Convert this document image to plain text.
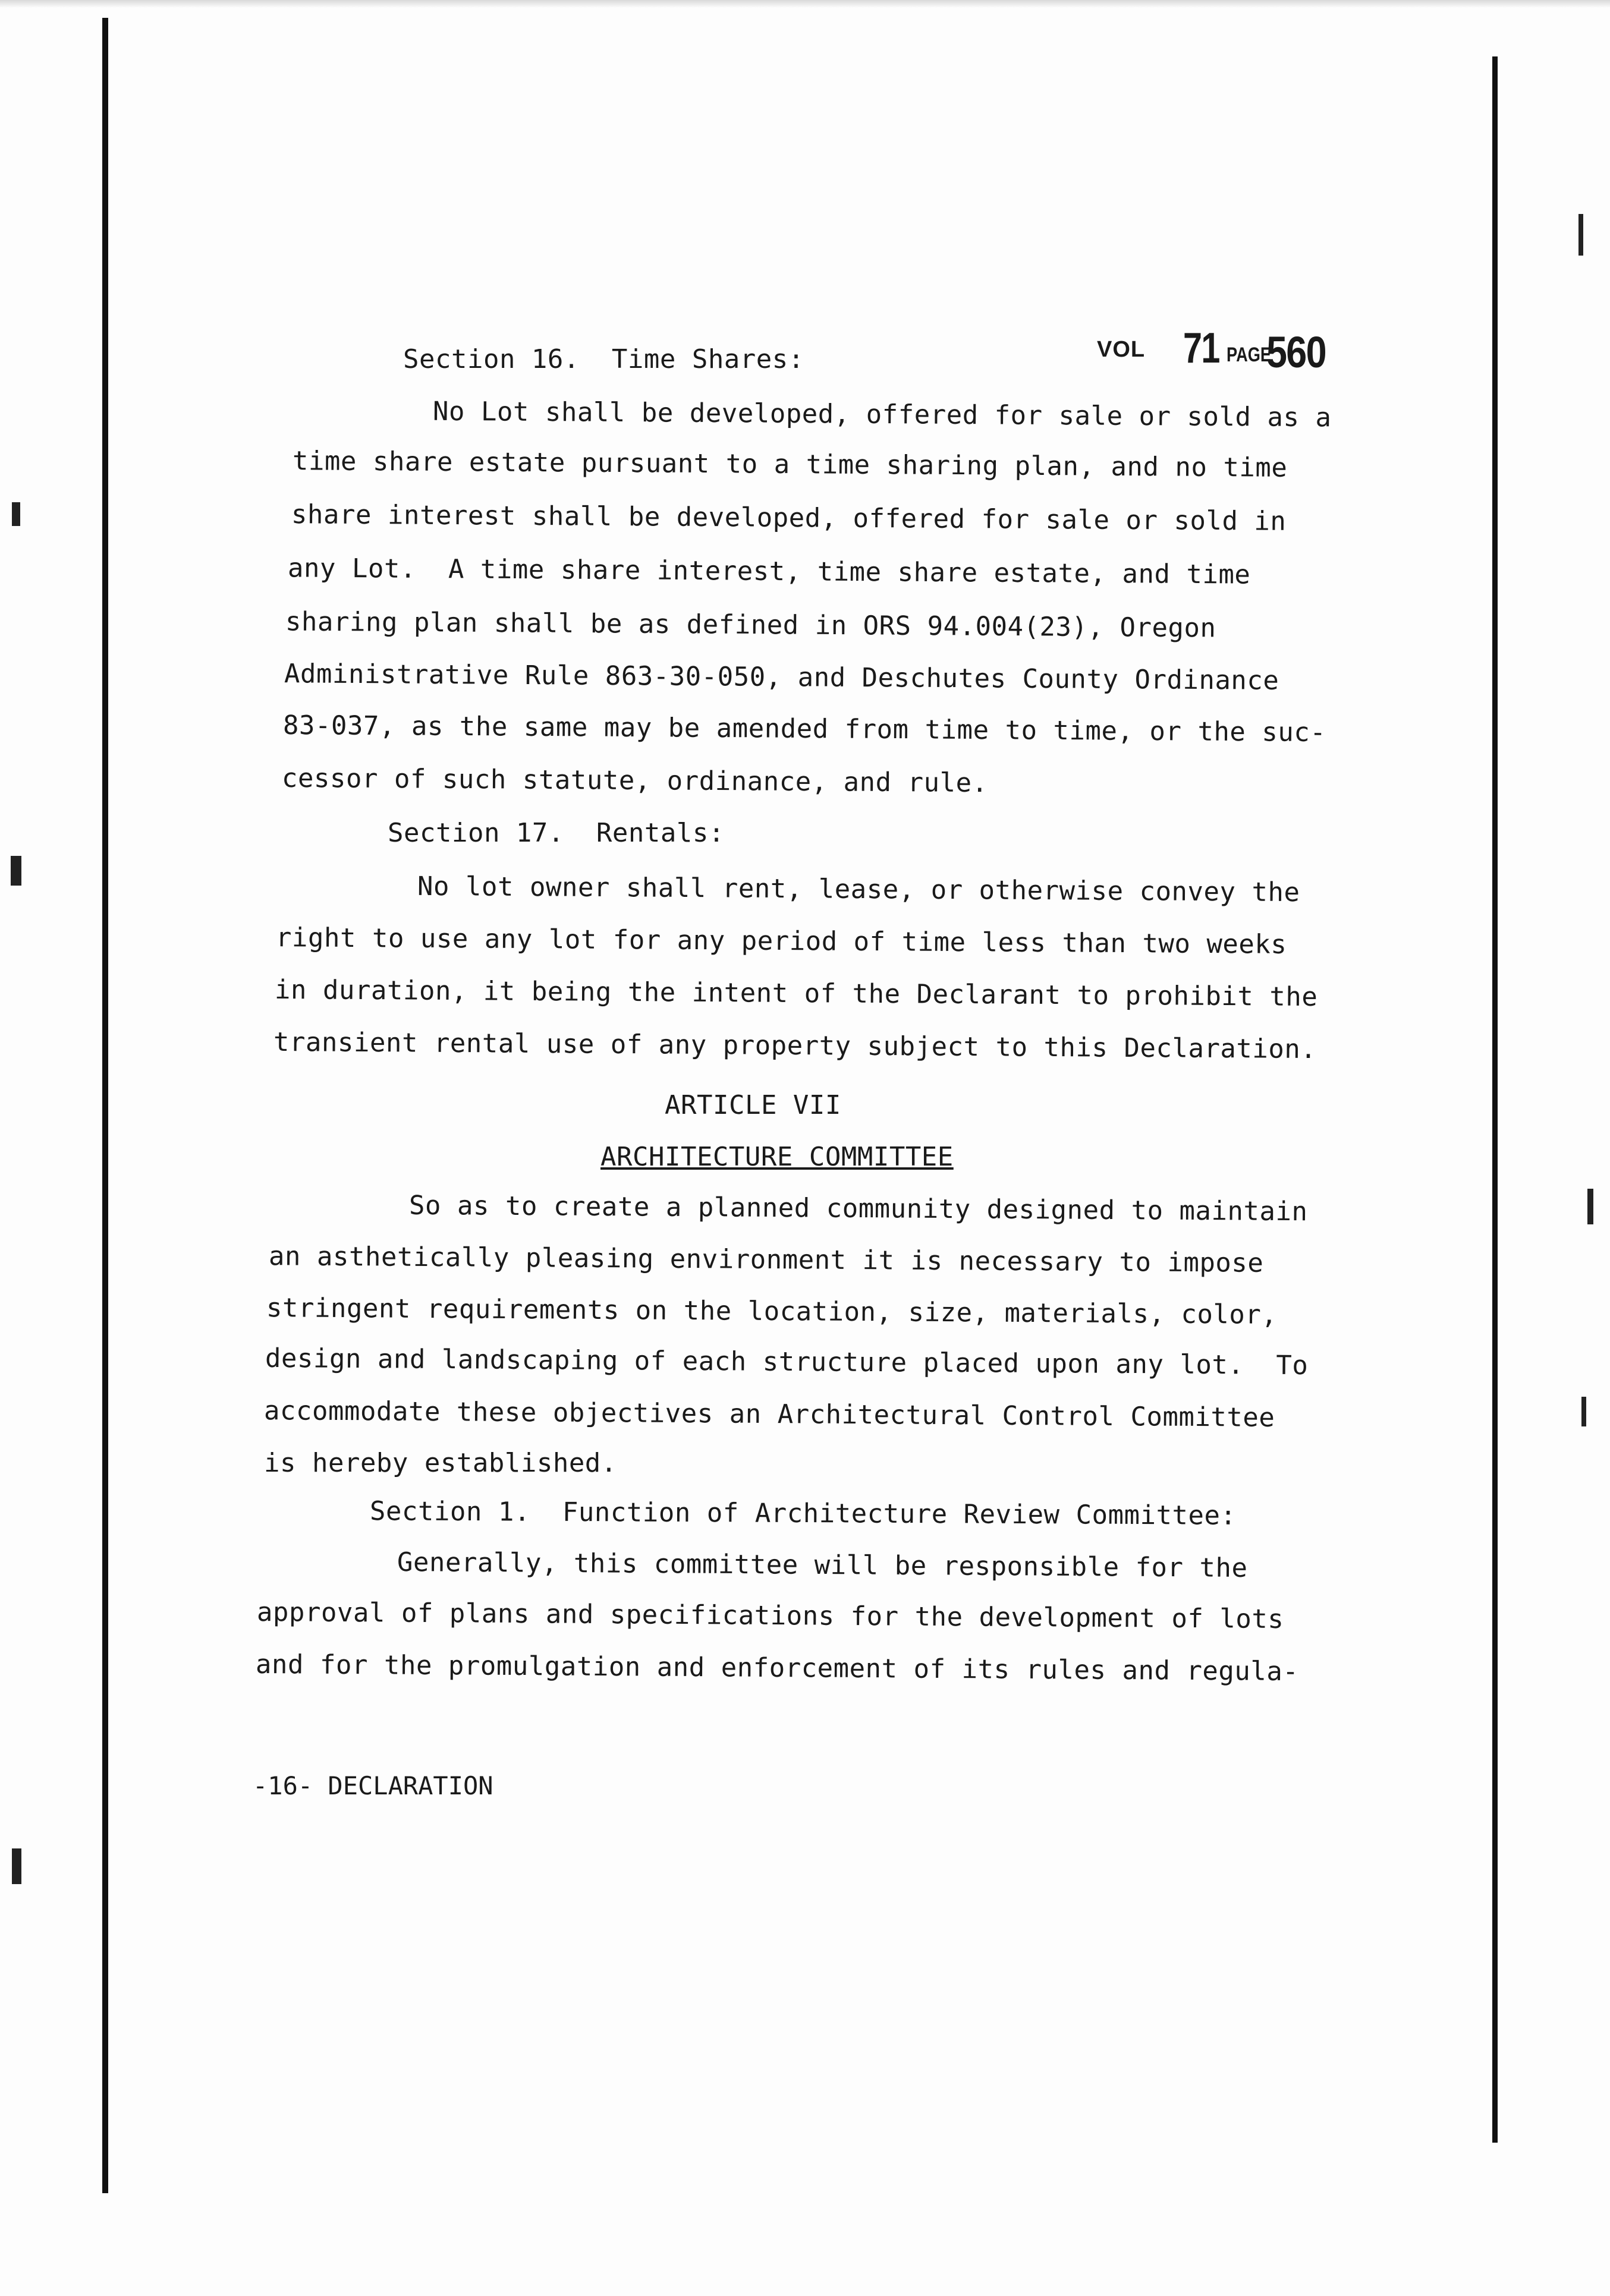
VOL 71 PAGE
560
Section 16.  Time Shares:
No Lot shall be developed, offered for sale or sold as a
time share estate pursuant to a time sharing plan, and no time
share interest shall be developed, offered for sale or sold in
any Lot.  A time share interest, time share estate, and time
sharing plan shall be as defined in ORS 94.004(23), Oregon
Administrative Rule 863-30-050, and Deschutes County Ordinance
83-037, as the same may be amended from time to time, or the suc-
cessor of such statute, ordinance, and rule.
Section 17.  Rentals:
No lot owner shall rent, lease, or otherwise convey the
right to use any lot for any period of time less than two weeks
in duration, it being the intent of the Declarant to prohibit the
transient rental use of any property subject to this Declaration.
ARTICLE VII
ARCHITECTURE COMMITTEE
So as to create a planned community designed to maintain
an asthetically pleasing environment it is necessary to impose
stringent requirements on the location, size, materials, color,
design and landscaping of each structure placed upon any lot.  To
accommodate these objectives an Architectural Control Committee
is hereby established.
Section 1.  Function of Architecture Review Committee:
Generally, this committee will be responsible for the
approval of plans and specifications for the development of lots
and for the promulgation and enforcement of its rules and regula-
-16- DECLARATION
